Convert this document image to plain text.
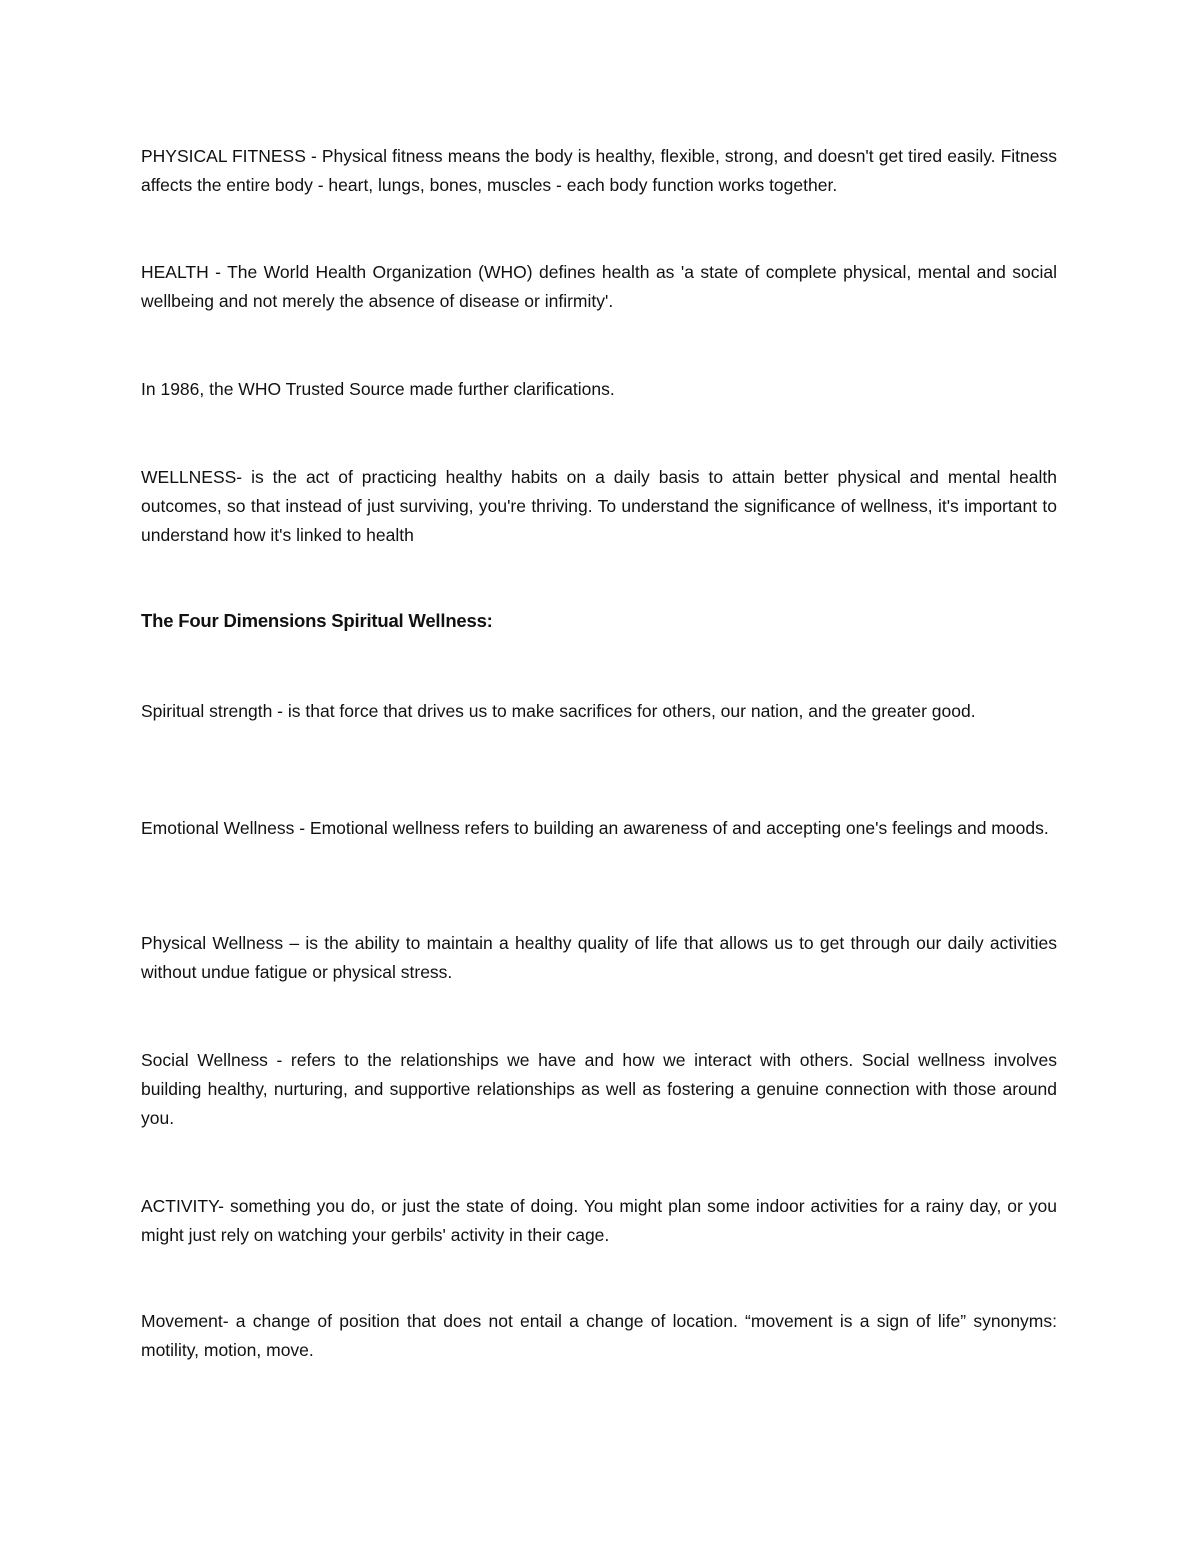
PHYSICAL FITNESS - Physical fitness means the body is healthy, flexible, strong, and doesn't get tired easily. Fitness affects the entire body - heart, lungs, bones, muscles - each body function works together.

HEALTH - The World Health Organization (WHO) defines health as 'a state of complete physical, mental and social wellbeing and not merely the absence of disease or infirmity'.

In 1986, the WHO Trusted Source made further clarifications.

WELLNESS- is the act of practicing healthy habits on a daily basis to attain better physical and mental health outcomes, so that instead of just surviving, you're thriving. To understand the significance of wellness, it's important to understand how it's linked to health

The Four Dimensions Spiritual Wellness:

Spiritual strength - is that force that drives us to make sacrifices for others, our nation, and the greater good.

Emotional Wellness - Emotional wellness refers to building an awareness of and accepting one's feelings and moods.

Physical Wellness – is the ability to maintain a healthy quality of life that allows us to get through our daily activities without undue fatigue or physical stress.

Social Wellness - refers to the relationships we have and how we interact with others. Social wellness involves building healthy, nurturing, and supportive relationships as well as fostering a genuine connection with those around you.

ACTIVITY- something you do, or just the state of doing. You might plan some indoor activities for a rainy day, or you might just rely on watching your gerbils' activity in their cage.

Movement- a change of position that does not entail a change of location. “movement is a sign of life” synonyms: motility, motion, move.
